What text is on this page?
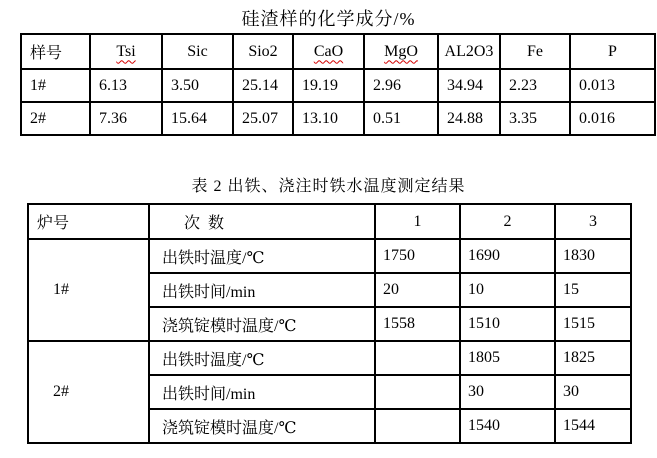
硅渣样的化学成分/%
样号	Tsi	Sic	Sio2	CaO	MgO	AL2O3	Fe	P
1#	6.13	3.50	25.14	19.19	2.96	34.94	2.23	0.013
2#	7.36	15.64	25.07	13.10	0.51	24.88	3.35	0.016
表 2 出铁、浇注时铁水温度测定结果
炉号	次 数	1	2	3
1#	出铁时温度/℃	1750	1690	1830
	出铁时间/min	20	10	15
	浇筑锭模时温度/℃	1558	1510	1515
2#	出铁时温度/℃		1805	1825
	出铁时间/min		30	30
	浇筑锭模时温度/℃		1540	1544
